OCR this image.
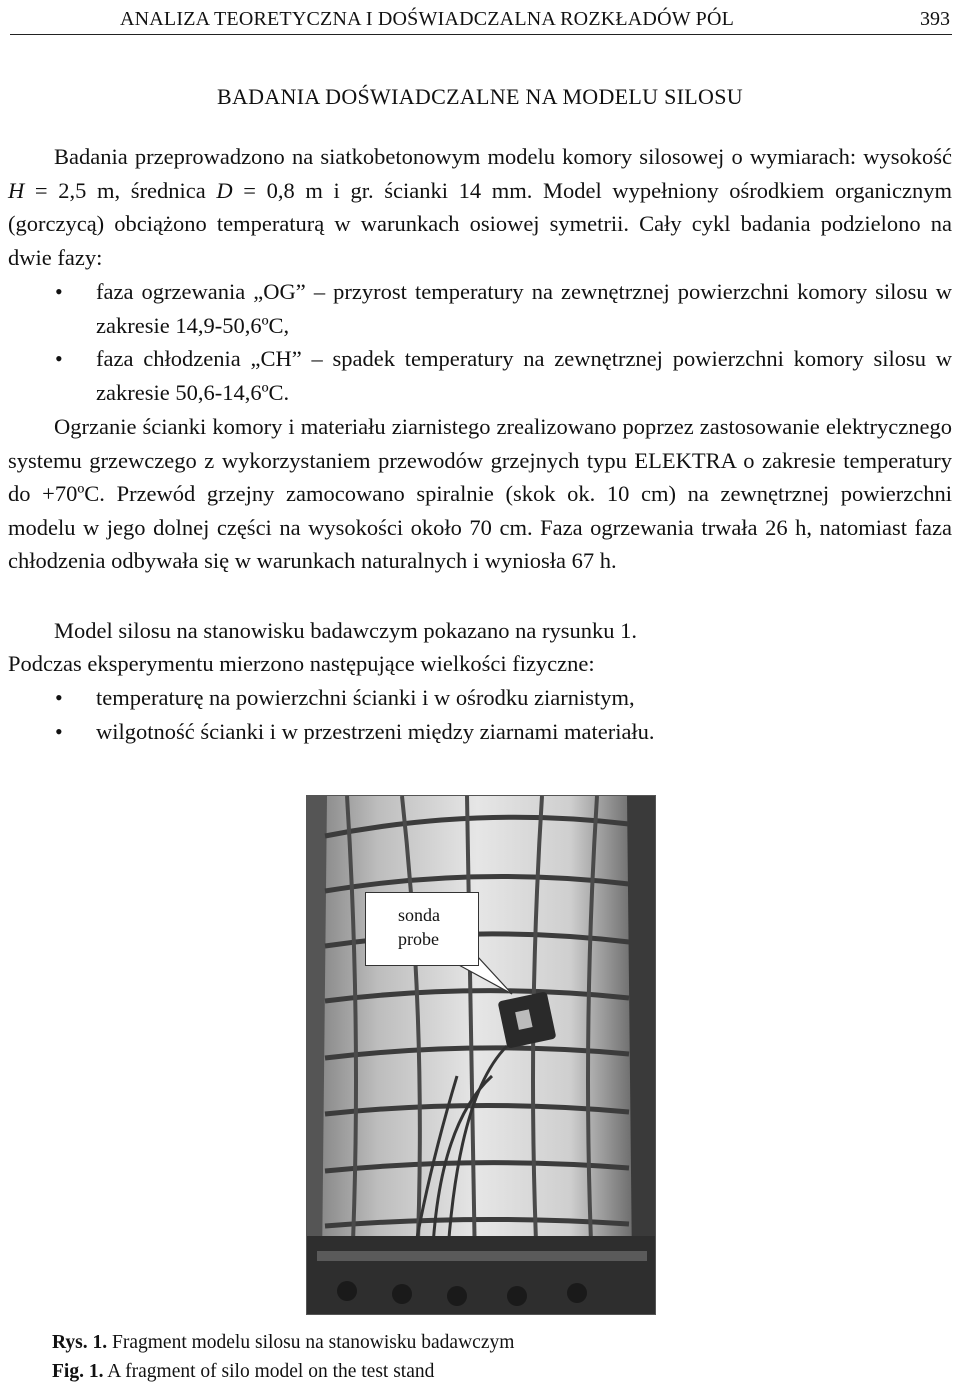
ANALIZA TEORETYCZNA I DOŚWIADCZALNA ROZKŁADÓW PÓL	393
BADANIA DOŚWIADCZALNE NA MODELU SILOSU

Badania przeprowadzono na siatkobetonowym modelu komory silosowej o wymiarach: wysokość H = 2,5 m, średnica D = 0,8 m i gr. ścianki 14 mm. Model wypełniony ośrodkiem organicznym (gorczycą) obciążono temperaturą w warunkach osiowej symetrii. Cały cykl badania podzielono na dwie fazy:

• faza ogrzewania „OG” – przyrost temperatury na zewnętrznej powierzchni komory silosu w zakresie 14,9-50,6ºC,
• faza chłodzenia „CH” – spadek temperatury na zewnętrznej powierzchni komory silosu w zakresie 50,6-14,6ºC.

Ogrzanie ścianki komory i materiału ziarnistego zrealizowano poprzez zastosowanie elektrycznego systemu grzewczego z wykorzystaniem przewodów grzejnych typu ELEKTRA o zakresie temperatury do +70ºC. Przewód grzejny zamocowano spiralnie (skok ok. 10 cm) na zewnętrznej powierzchni modelu w jego dolnej części na wysokości około 70 cm. Faza ogrzewania trwała 26 h, natomiast faza chłodzenia odbywała się w warunkach naturalnych i wyniosła 67 h.

Model silosu na stanowisku badawczym pokazano na rysunku 1.

Podczas eksperymentu mierzono następujące wielkości fizyczne:

• temperaturę na powierzchni ścianki i w ośrodku ziarnistym,
• wilgotność ścianki i w przestrzeni między ziarnami materiału.
sonda
probe
Rys. 1. Fragment modelu silosu na stanowisku badawczym
Fig. 1. A fragment of silo model on the test stand
